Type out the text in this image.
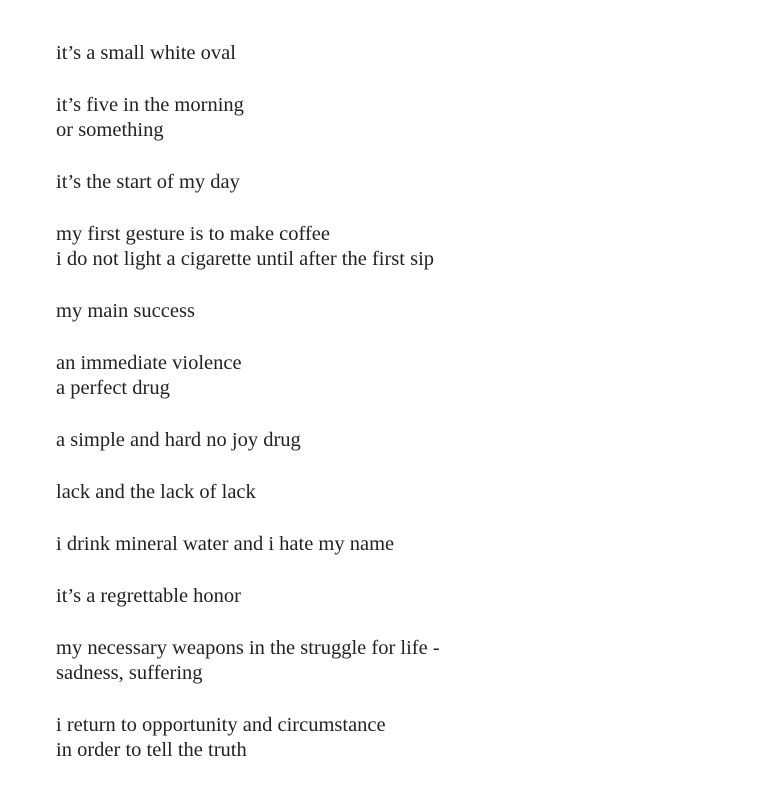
it’s a small white oval
it’s five in the morning
or something
it’s the start of my day
my first gesture is to make coffee
i do not light a cigarette until after the first sip
my main success
an immediate violence
a perfect drug
a simple and hard no joy drug
lack and the lack of lack
i drink mineral water and i hate my name
it’s a regrettable honor
my necessary weapons in the struggle for life -
sadness, suffering
i return to opportunity and circumstance
in order to tell the truth
